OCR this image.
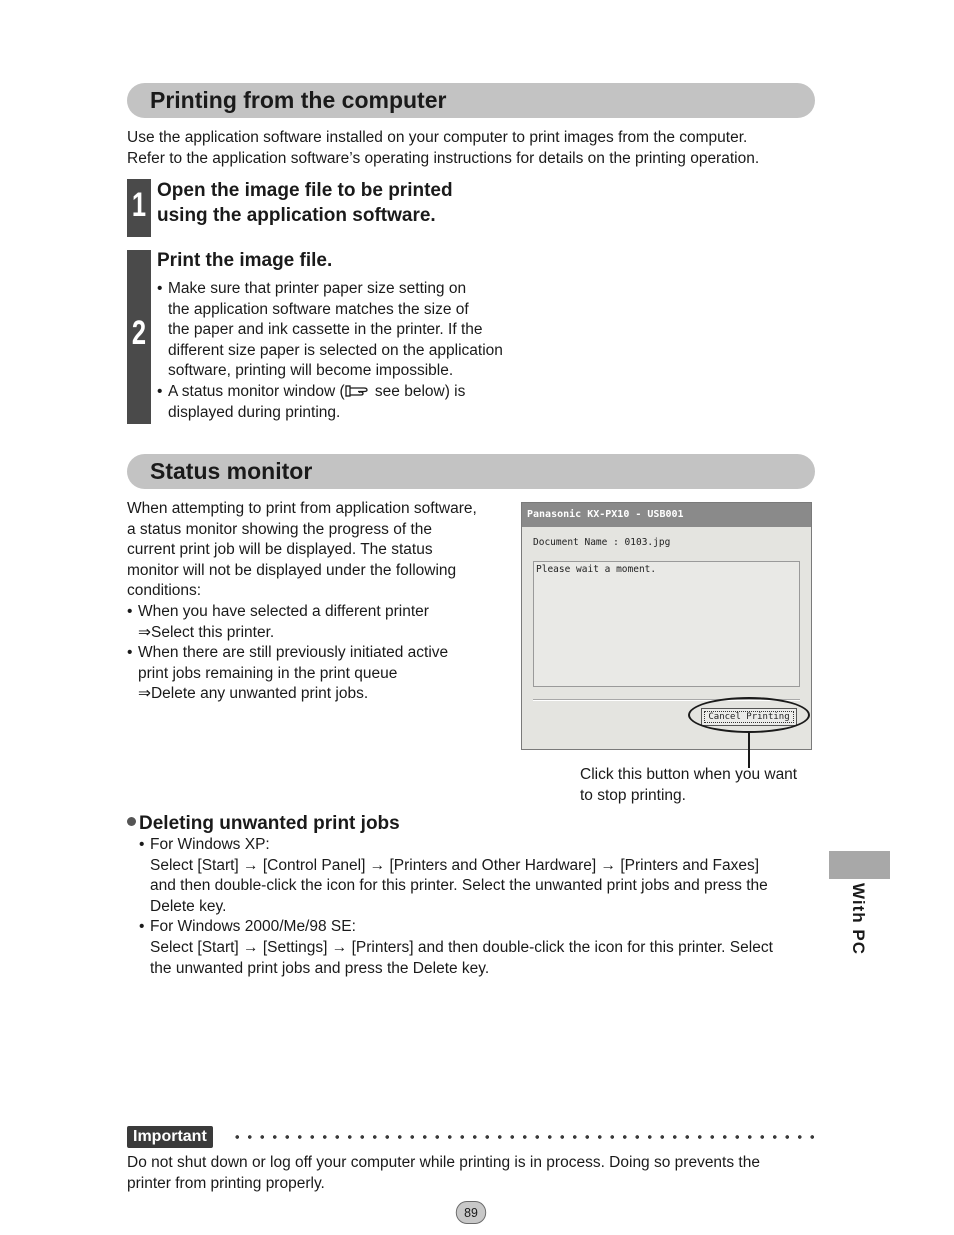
Printing from the computer
Use the application software installed on your computer to print images from the computer.
Refer to the application software’s operating instructions for details on the printing operation.
1 Open the image file to be printed
using the application software.
2
Print the image file.
• Make sure that printer paper size setting on
the application software matches the size of
the paper and ink cassette in the printer. If the
different size paper is selected on the application
software, printing will become impossible.
• A status monitor window ( see below) is
displayed during printing.
Status monitor
When attempting to print from application software,
a status monitor showing the progress of the
current print job will be displayed. The status
monitor will not be displayed under the following
conditions:
• When you have selected a different printer
⇒Select this printer.
• When there are still previously initiated active
print jobs remaining in the print queue
⇒Delete any unwanted print jobs.
Panasonic KX-PX10 - USB001
Document Name : 0103.jpg
Please wait a moment.
Cancel Printing
Click this button when you want
to stop printing.
Deleting unwanted print jobs
• For Windows XP:
Select [Start] → [Control Panel] → [Printers and Other Hardware] → [Printers and Faxes]
and then double-click the icon for this printer. Select the unwanted print jobs and press the
Delete key.
• For Windows 2000/Me/98 SE:
Select [Start] → [Settings] → [Printers] and then double-click the icon for this printer. Select
the unwanted print jobs and press the Delete key.
With PC
Important
Do not shut down or log off your computer while printing is in process. Doing so prevents the
printer from printing properly.
89
